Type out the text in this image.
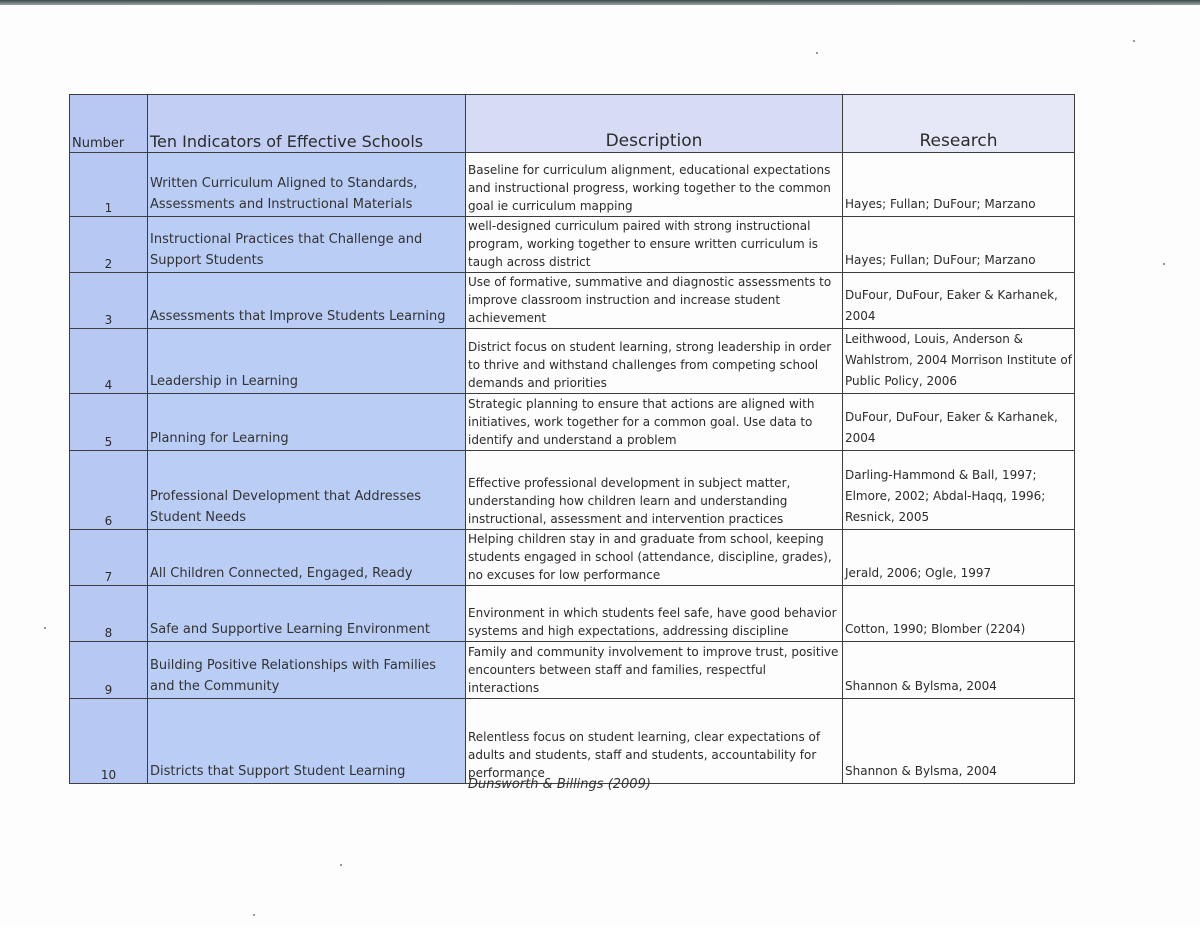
Number	Ten Indicators of Effective Schools	Description	Research
1	Written Curriculum Aligned to Standards, Assessments and Instructional Materials	Baseline for curriculum alignment, educational expectations and instructional progress, working together to the common goal ie curriculum mapping	Hayes; Fullan; DuFour; Marzano
2	Instructional Practices that Challenge and Support Students	well-designed curriculum paired with strong instructional program, working together to ensure written curriculum is taugh across district	Hayes; Fullan; DuFour; Marzano
3	Assessments that Improve Students Learning	Use of formative, summative and diagnostic assessments to improve classroom instruction and increase student achievement	DuFour, DuFour, Eaker & Karhanek, 2004
4	Leadership in Learning	District focus on student learning, strong leadership in order to thrive and withstand challenges from competing school demands and priorities	Leithwood, Louis, Anderson & Wahlstrom, 2004 Morrison Institute of Public Policy, 2006
5	Planning for Learning	Strategic planning to ensure that actions are aligned with initiatives, work together for a common goal. Use data to identify and understand a problem	DuFour, DuFour, Eaker & Karhanek, 2004
6	Professional Development that Addresses Student Needs	Effective professional development in subject matter, understanding how children learn and understanding instructional, assessment and intervention practices	Darling-Hammond & Ball, 1997; Elmore, 2002; Abdal-Haqq, 1996; Resnick, 2005
7	All Children Connected, Engaged, Ready	Helping children stay in and graduate from school, keeping students engaged in school (attendance, discipline, grades), no excuses for low performance	Jerald, 2006; Ogle, 1997
8	Safe and Supportive Learning Environment	Environment in which students feel safe, have good behavior systems and high expectations, addressing discipline	Cotton, 1990; Blomber (2204)
9	Building Positive Relationships with Families and the Community	Family and community involvement to improve trust, positive encounters between staff and families, respectful interactions	Shannon & Bylsma, 2004
10	Districts that Support Student Learning	Relentless focus on student learning, clear expectations of adults and students, staff and students, accountability for performance	Shannon & Bylsma, 2004
Dunsworth & Billings (2009)
